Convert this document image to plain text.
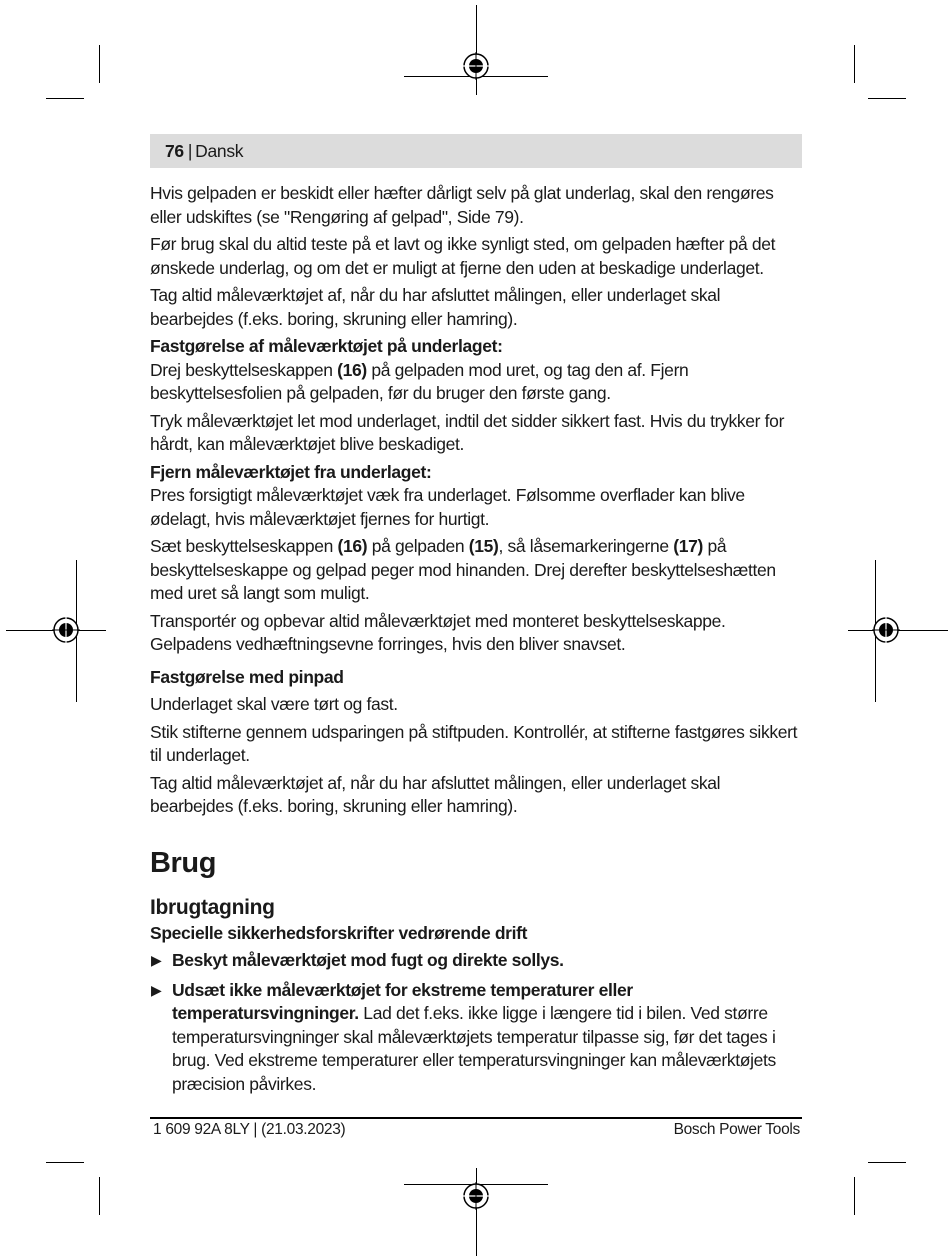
76 | Dansk

Hvis gelpaden er beskidt eller hæfter dårligt selv på glat underlag, skal den rengøres eller udskiftes (se "Rengøring af gelpad", Side 79).

Før brug skal du altid teste på et lavt og ikke synligt sted, om gelpaden hæfter på det ønskede underlag, og om det er muligt at fjerne den uden at beskadige underlaget.

Tag altid måleværktøjet af, når du har afsluttet målingen, eller underlaget skal bearbejdes (f.eks. boring, skruning eller hamring).

Fastgørelse af måleværktøjet på underlaget:

Drej beskyttelseskappen (16) på gelpaden mod uret, og tag den af. Fjern beskyttelsesfolien på gelpaden, før du bruger den første gang.

Tryk måleværktøjet let mod underlaget, indtil det sidder sikkert fast. Hvis du trykker for hårdt, kan måleværktøjet blive beskadiget.

Fjern måleværktøjet fra underlaget:

Pres forsigtigt måleværktøjet væk fra underlaget. Følsomme overflader kan blive ødelagt, hvis måleværktøjet fjernes for hurtigt.

Sæt beskyttelseskappen (16) på gelpaden (15), så låsemarkeringerne (17) på beskyttelseskappe og gelpad peger mod hinanden. Drej derefter beskyttelseshætten med uret så langt som muligt.

Transportér og opbevar altid måleværktøjet med monteret beskyttelseskappe. Gelpadens vedhæftningsevne forringes, hvis den bliver snavset.

Fastgørelse med pinpad

Underlaget skal være tørt og fast.

Stik stifterne gennem udsparingen på stiftpuden. Kontrollér, at stifterne fastgøres sikkert til underlaget.

Tag altid måleværktøjet af, når du har afsluttet målingen, eller underlaget skal bearbejdes (f.eks. boring, skruning eller hamring).

Brug
Ibrugtagning

Specielle sikkerhedsforskrifter vedrørende drift

▶ Beskyt måleværktøjet mod fugt og direkte sollys.
▶ Udsæt ikke måleværktøjet for ekstreme temperaturer eller temperatursvingninger. Lad det f.eks. ikke ligge i længere tid i bilen. Ved større temperatursvingninger skal måleværktøjets temperatur tilpasse sig, før det tages i brug. Ved ekstreme temperaturer eller temperatursvingninger kan måleværktøjets præcision påvirkes.
1 609 92A 8LY | (21.03.2023)	Bosch Power Tools
